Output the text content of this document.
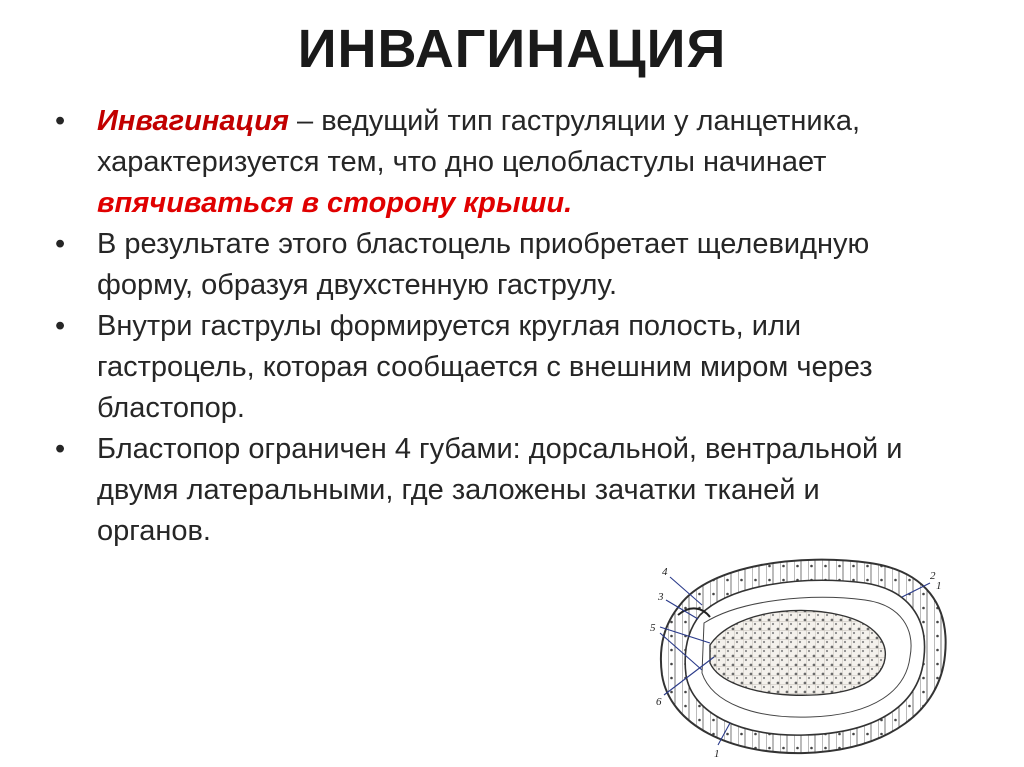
ИНВАГИНАЦИЯ
• Инвагинация – ведущий тип гаструляции у ланцетника, характеризуется тем, что дно целобластулы начинает впячиваться в сторону крыши.
• В результате этого бластоцель приобретает щелевидную форму, образуя двухстенную гаструлу.
• Внутри гаструлы формируется круглая полость, или гастроцель, которая сообщается с внешним миром через бластопор.
• Бластопор ограничен 4 губами: дорсальной, вентральной и двумя латеральными, где заложены зачатки тканей и органов.
4
3
5
6
1
2
1
